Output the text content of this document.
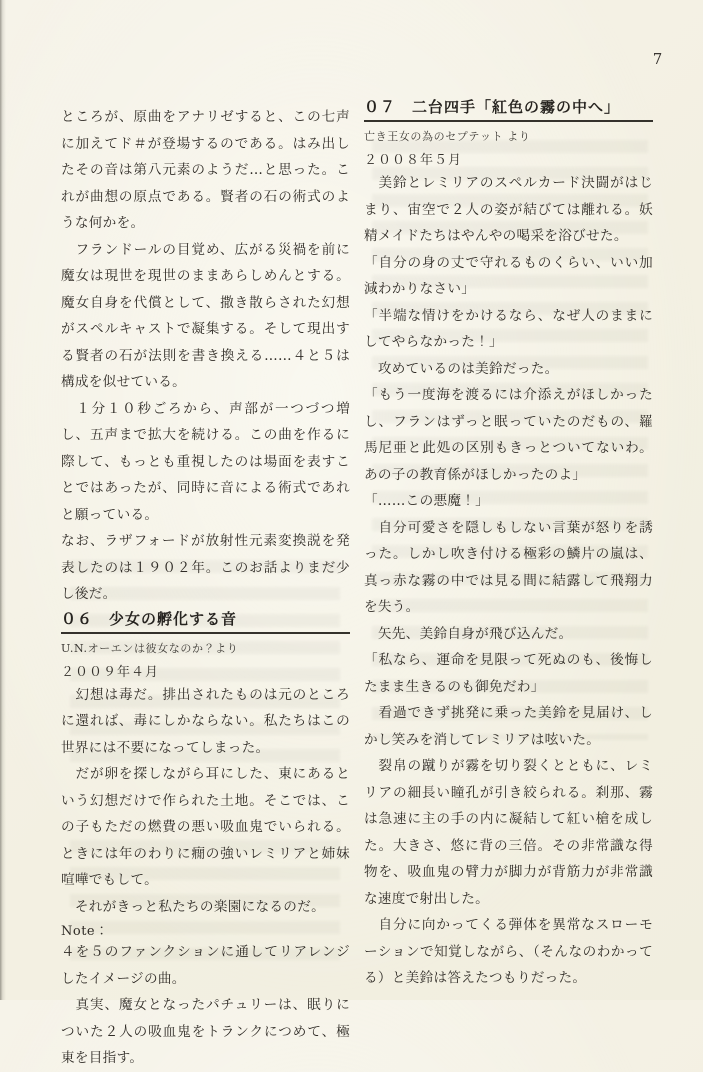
7

ところが、原曲をアナリゼすると、この七声に加えてド＃が登場するのである。はみ出したその音は第八元素のようだ…と思った。これが曲想の原点である。賢者の石の術式のような何かを。

　フランドールの目覚め、広がる災禍を前に魔女は現世を現世のままあらしめんとする。魔女自身を代償として、撒き散らされた幻想がスペルキャストで凝集する。そして現出する賢者の石が法則を書き換える……４と５は構成を似せている。

　１分１０秒ごろから、声部が一つづつ増し、五声まで拡大を続ける。この曲を作るに際して、もっとも重視したのは場面を表すことではあったが、同時に音による術式であれと願っている。

なお、ラザフォードが放射性元素変換説を発表したのは１９０２年。このお話よりまだ少し後だ。

０６　少女の孵化する音

U.N.オーエンは彼女なのか？より

２００９年４月

　幻想は毒だ。排出されたものは元のところに還れば、毒にしかならない。私たちはこの世界には不要になってしまった。

　だが卵を探しながら耳にした、東にあるという幻想だけで作られた土地。そこでは、この子もただの燃費の悪い吸血鬼でいられる。ときには年のわりに癇の強いレミリアと姉妹喧嘩でもして。

　それがきっと私たちの楽園になるのだ。

Note：

４を５のファンクションに通してリアレンジしたイメージの曲。

　真実、魔女となったパチュリーは、眠りについた２人の吸血鬼をトランクにつめて、極東を目指す。

０７　二台四手「紅色の霧の中へ」

亡き王女の為のセプテット より

２００８年５月

　美鈴とレミリアのスペルカード決闘がはじまり、宙空で２人の姿が結びては離れる。妖精メイドたちはやんやの喝采を浴びせた。

「自分の身の丈で守れるものくらい、いい加減わかりなさい」

「半端な情けをかけるなら、なぜ人のままにしてやらなかった！」

　攻めているのは美鈴だった。

「もう一度海を渡るには介添えがほしかったし、フランはずっと眠っていたのだもの、羅馬尼亜と此処の区別もきっとついてないわ。あの子の教育係がほしかったのよ」

「……この悪魔！」

　自分可愛さを隠しもしない言葉が怒りを誘った。しかし吹き付ける極彩の鱗片の嵐は、真っ赤な霧の中では見る間に結露して飛翔力を失う。

　矢先、美鈴自身が飛び込んだ。

「私なら、運命を見限って死ぬのも、後悔したまま生きるのも御免だわ」

　看過できず挑発に乗った美鈴を見届け、しかし笑みを消してレミリアは呟いた。

　裂帛の蹴りが霧を切り裂くとともに、レミリアの細長い瞳孔が引き絞られる。刹那、霧は急速に主の手の内に凝結して紅い槍を成した。大きさ、悠に背の三倍。その非常識な得物を、吸血鬼の臂力が脚力が背筋力が非常識な速度で射出した。

　自分に向かってくる弾体を異常なスローモーションで知覚しながら、（そんなのわかってる）と美鈴は答えたつもりだった。
